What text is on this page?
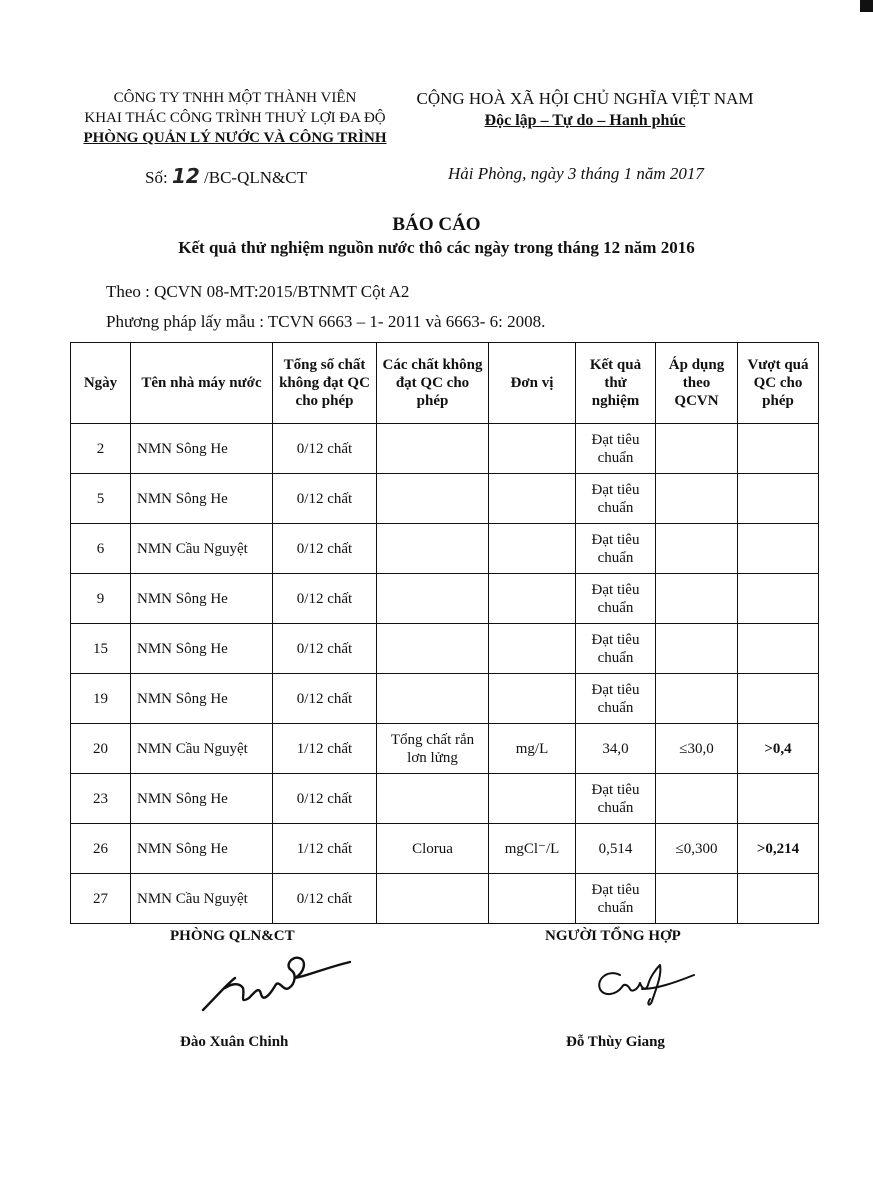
CÔNG TY TNHH MỘT THÀNH VIÊN
KHAI THÁC CÔNG TRÌNH THUỶ LỢI ĐA ĐỘ
PHÒNG QUẢN LÝ NƯỚC VÀ CÔNG TRÌNH
CỘNG HOÀ XÃ HỘI CHỦ NGHĨA VIỆT NAM
Độc lập – Tự do – Hanh phúc
Số: 12 /BC-QLN&CT	Hải Phòng, ngày 3 tháng 1 năm 2017
BÁO CÁO
Kết quả thử nghiệm nguồn nước thô các ngày trong tháng 12 năm 2016
Theo : QCVN 08-MT:2015/BTNMT Cột A2
Phương pháp lấy mẫu : TCVN 6663 – 1- 2011 và 6663- 6: 2008.
Ngày	Tên nhà máy nước	Tổng số chất không đạt QC cho phép	Các chất không đạt QC cho phép	Đơn vị	Kết quả thử nghiệm	Áp dụng theo QCVN	Vượt quá QC cho phép
2	NMN Sông He	0/12 chất			Đạt tiêu chuẩn		
5	NMN Sông He	0/12 chất			Đạt tiêu chuẩn		
6	NMN Cầu Nguyệt	0/12 chất			Đạt tiêu chuẩn		
9	NMN Sông He	0/12 chất			Đạt tiêu chuẩn		
15	NMN Sông He	0/12 chất			Đạt tiêu chuẩn		
19	NMN Sông He	0/12 chất			Đạt tiêu chuẩn		
20	NMN Cầu Nguyệt	1/12 chất	Tổng chất rắn lơn lửng	mg/L	34,0	≤30,0	>0,4
23	NMN Sông He	0/12 chất			Đạt tiêu chuẩn		
26	NMN Sông He	1/12 chất	Clorua	mgCl⁻/L	0,514	≤0,300	>0,214
27	NMN Cầu Nguyệt	0/12 chất			Đạt tiêu chuẩn		
PHÒNG QLN&CT	NGƯỜI TỔNG HỢP
Đào Xuân Chinh	Đỗ Thùy Giang
